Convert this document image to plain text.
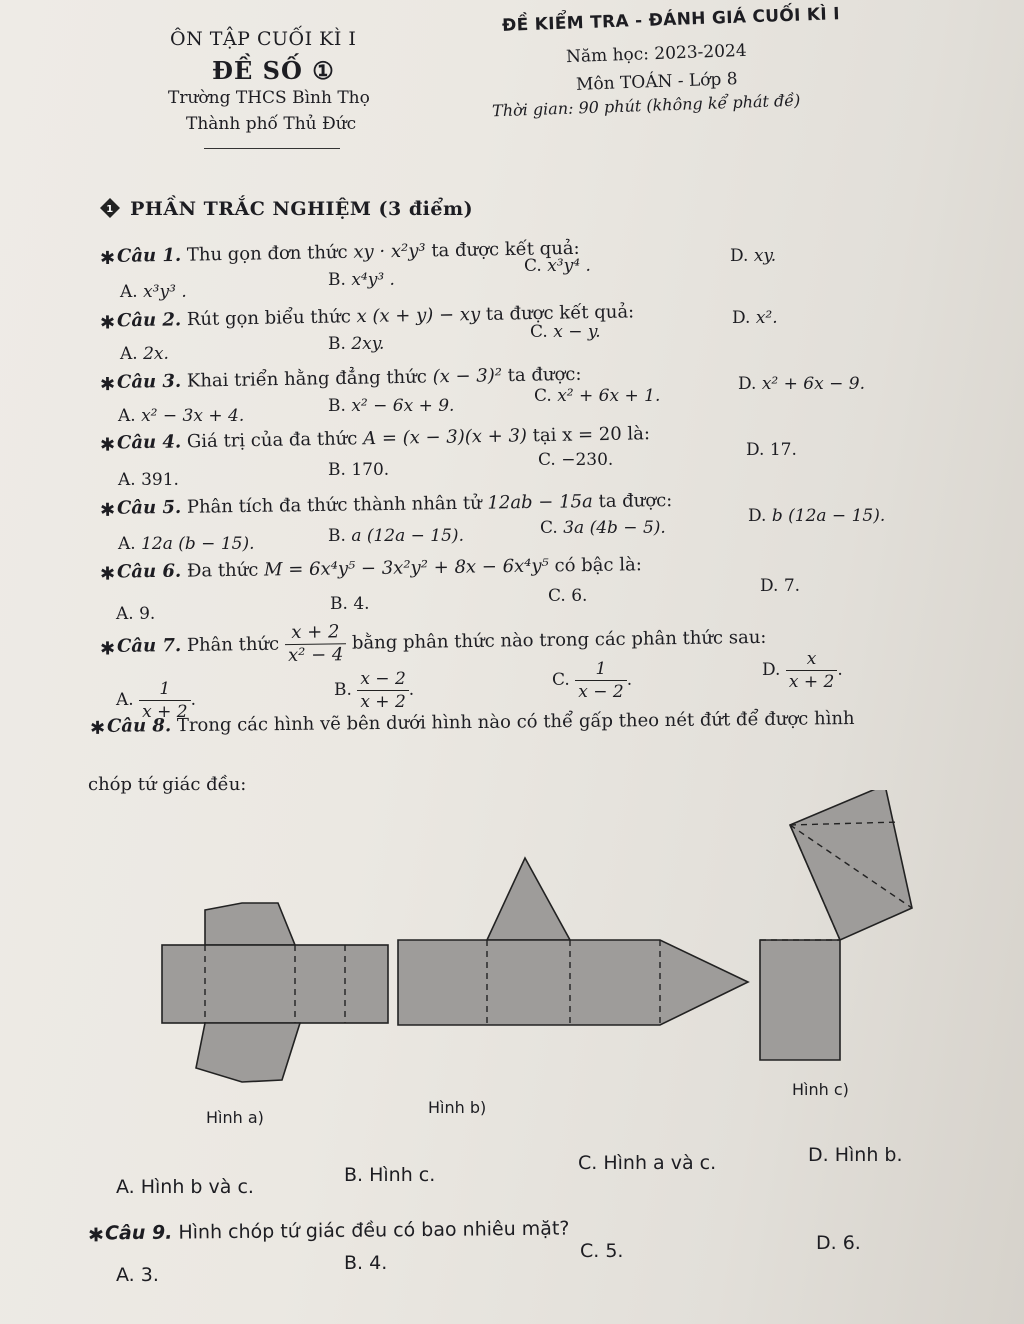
ÔN TẬP CUỐI KÌ I
ĐỀ SỐ ①
Trường THCS Bình Thọ
Thành phố Thủ Đức
ĐỀ KIỂM TRA - ĐÁNH GIÁ CUỐI KÌ I
Năm học: 2023-2024
Môn TOÁN - Lớp 8
Thời gian: 90 phút (không kể phát đề)
1 PHẦN TRẮC NGHIỆM (3 điểm)
✱Câu 1. Thu gọn đơn thức xy · x²y³ ta được kết quả:
A. x³y³ .
B. x⁴y³ .
C. x³y⁴ .	D. xy.
✱Câu 2. Rút gọn biểu thức x (x + y) − xy ta được kết quả:
A. 2x.	B. 2xy.
C. x − y.
D. x².
✱Câu 3. Khai triển hằng đẳng thức (x − 3)² ta được:
A. x² − 3x + 4.	B. x² − 6x + 9.	C. x² + 6x + 1.
D. x² + 6x − 9.
✱Câu 4. Giá trị của đa thức A = (x − 3)(x + 3) tại x = 20 là:
A. 391.	B. 170.	C. −230.	D. 17.
✱Câu 5. Phân tích đa thức thành nhân tử 12ab − 15a ta được:
A. 12a (b − 15).	B. a (12a − 15).	C. 3a (4b − 5).
D. b (12a − 15).
✱Câu 6. Đa thức M = 6x⁴y⁵ − 3x²y² + 8x − 6x⁴y⁵ có bậc là:
A. 9.	B. 4.	C. 6.	D. 7.
✱Câu 7. Phân thức $\frac{x + 2}{\text{x² − 4}}$ bằng phân thức nào trong các phân thức sau:
A. $\frac{1}{x + 2}$ .	B. $\frac{x - 2}{x + 2}$ .	C. $\frac{1}{x - 2}$ .	D. $\frac{x}{x + 2}$ .
✱Câu 8. Trong các hình vẽ bên dưới hình nào có thể gấp theo nét đứt để được hình
chóp tứ giác đều:
Hình a)
Hình b)
Hình c)
A. Hình b và c.
B. Hình c.
C. Hình a và c.	D. Hình b.
✱Câu 9. Hình chóp tứ giác đều có bao nhiêu mặt?
A. 3.
B. 4.
C. 5.	D. 6.
